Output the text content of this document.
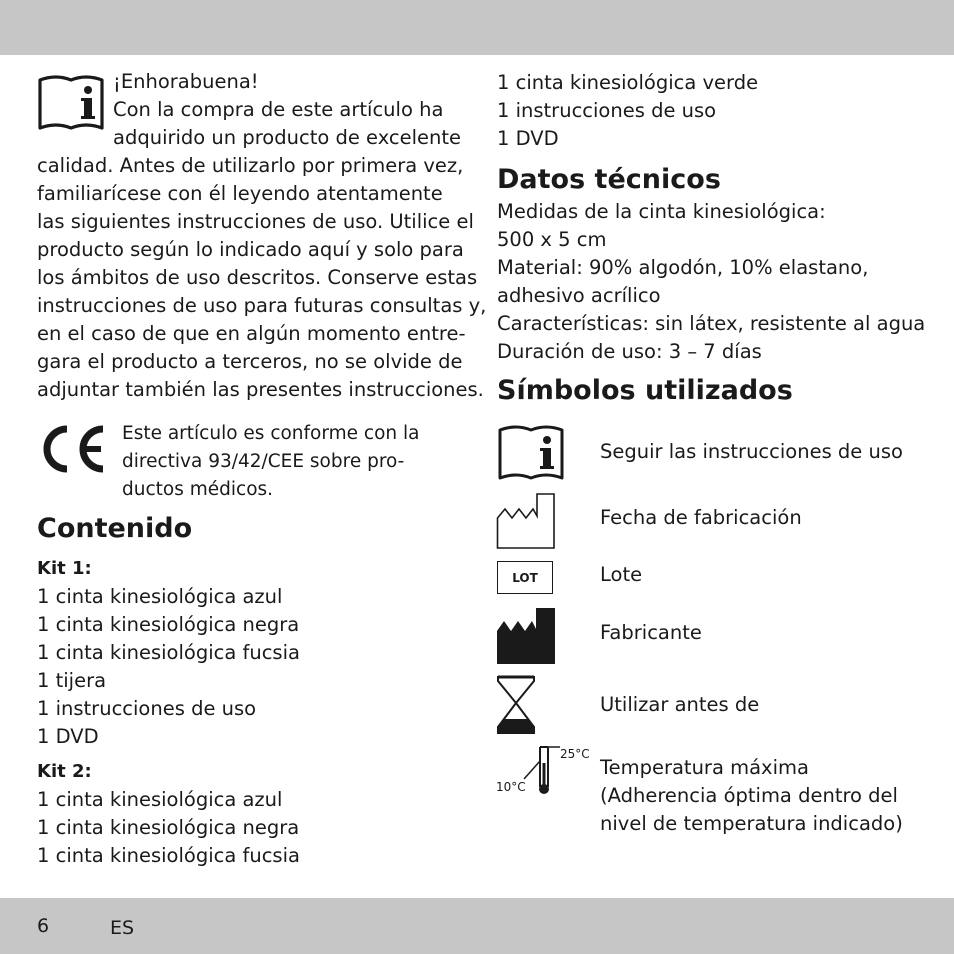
¡Enhorabuena!
Con la compra de este artículo ha
adquirido un producto de excelente
calidad. Antes de utilizarlo por primera vez,
familiarícese con él leyendo atentamente
las siguientes instrucciones de uso. Utilice el
producto según lo indicado aquí y solo para
los ámbitos de uso descritos. Conserve estas
instrucciones de uso para futuras consultas y,
en el caso de que en algún momento entre-
gara el producto a terceros, no se olvide de
adjuntar también las presentes instrucciones.
Este artículo es conforme con la
directiva 93/42/CEE sobre pro-
ductos médicos.
Contenido
Kit 1:
1 cinta kinesiológica azul
1 cinta kinesiológica negra
1 cinta kinesiológica fucsia
1 tijera
1 instrucciones de uso
1 DVD
Kit 2:
1 cinta kinesiológica azul
1 cinta kinesiológica negra
1 cinta kinesiológica fucsia
1 cinta kinesiológica verde
1 instrucciones de uso
1 DVD
Datos técnicos
Medidas de la cinta kinesiológica:
500 x 5 cm
Material: 90% algodón, 10% elastano,
adhesivo acrílico
Características: sin látex, resistente al agua
Duración de uso: 3 – 7 días
Símbolos utilizados
Seguir las instrucciones de uso
Fecha de fabricación
LOT	Lote
Fabricante
Utilizar antes de
25°C
10°C
Temperatura máxima
(Adherencia óptima dentro del
nivel de temperatura indicado)
6	ES
